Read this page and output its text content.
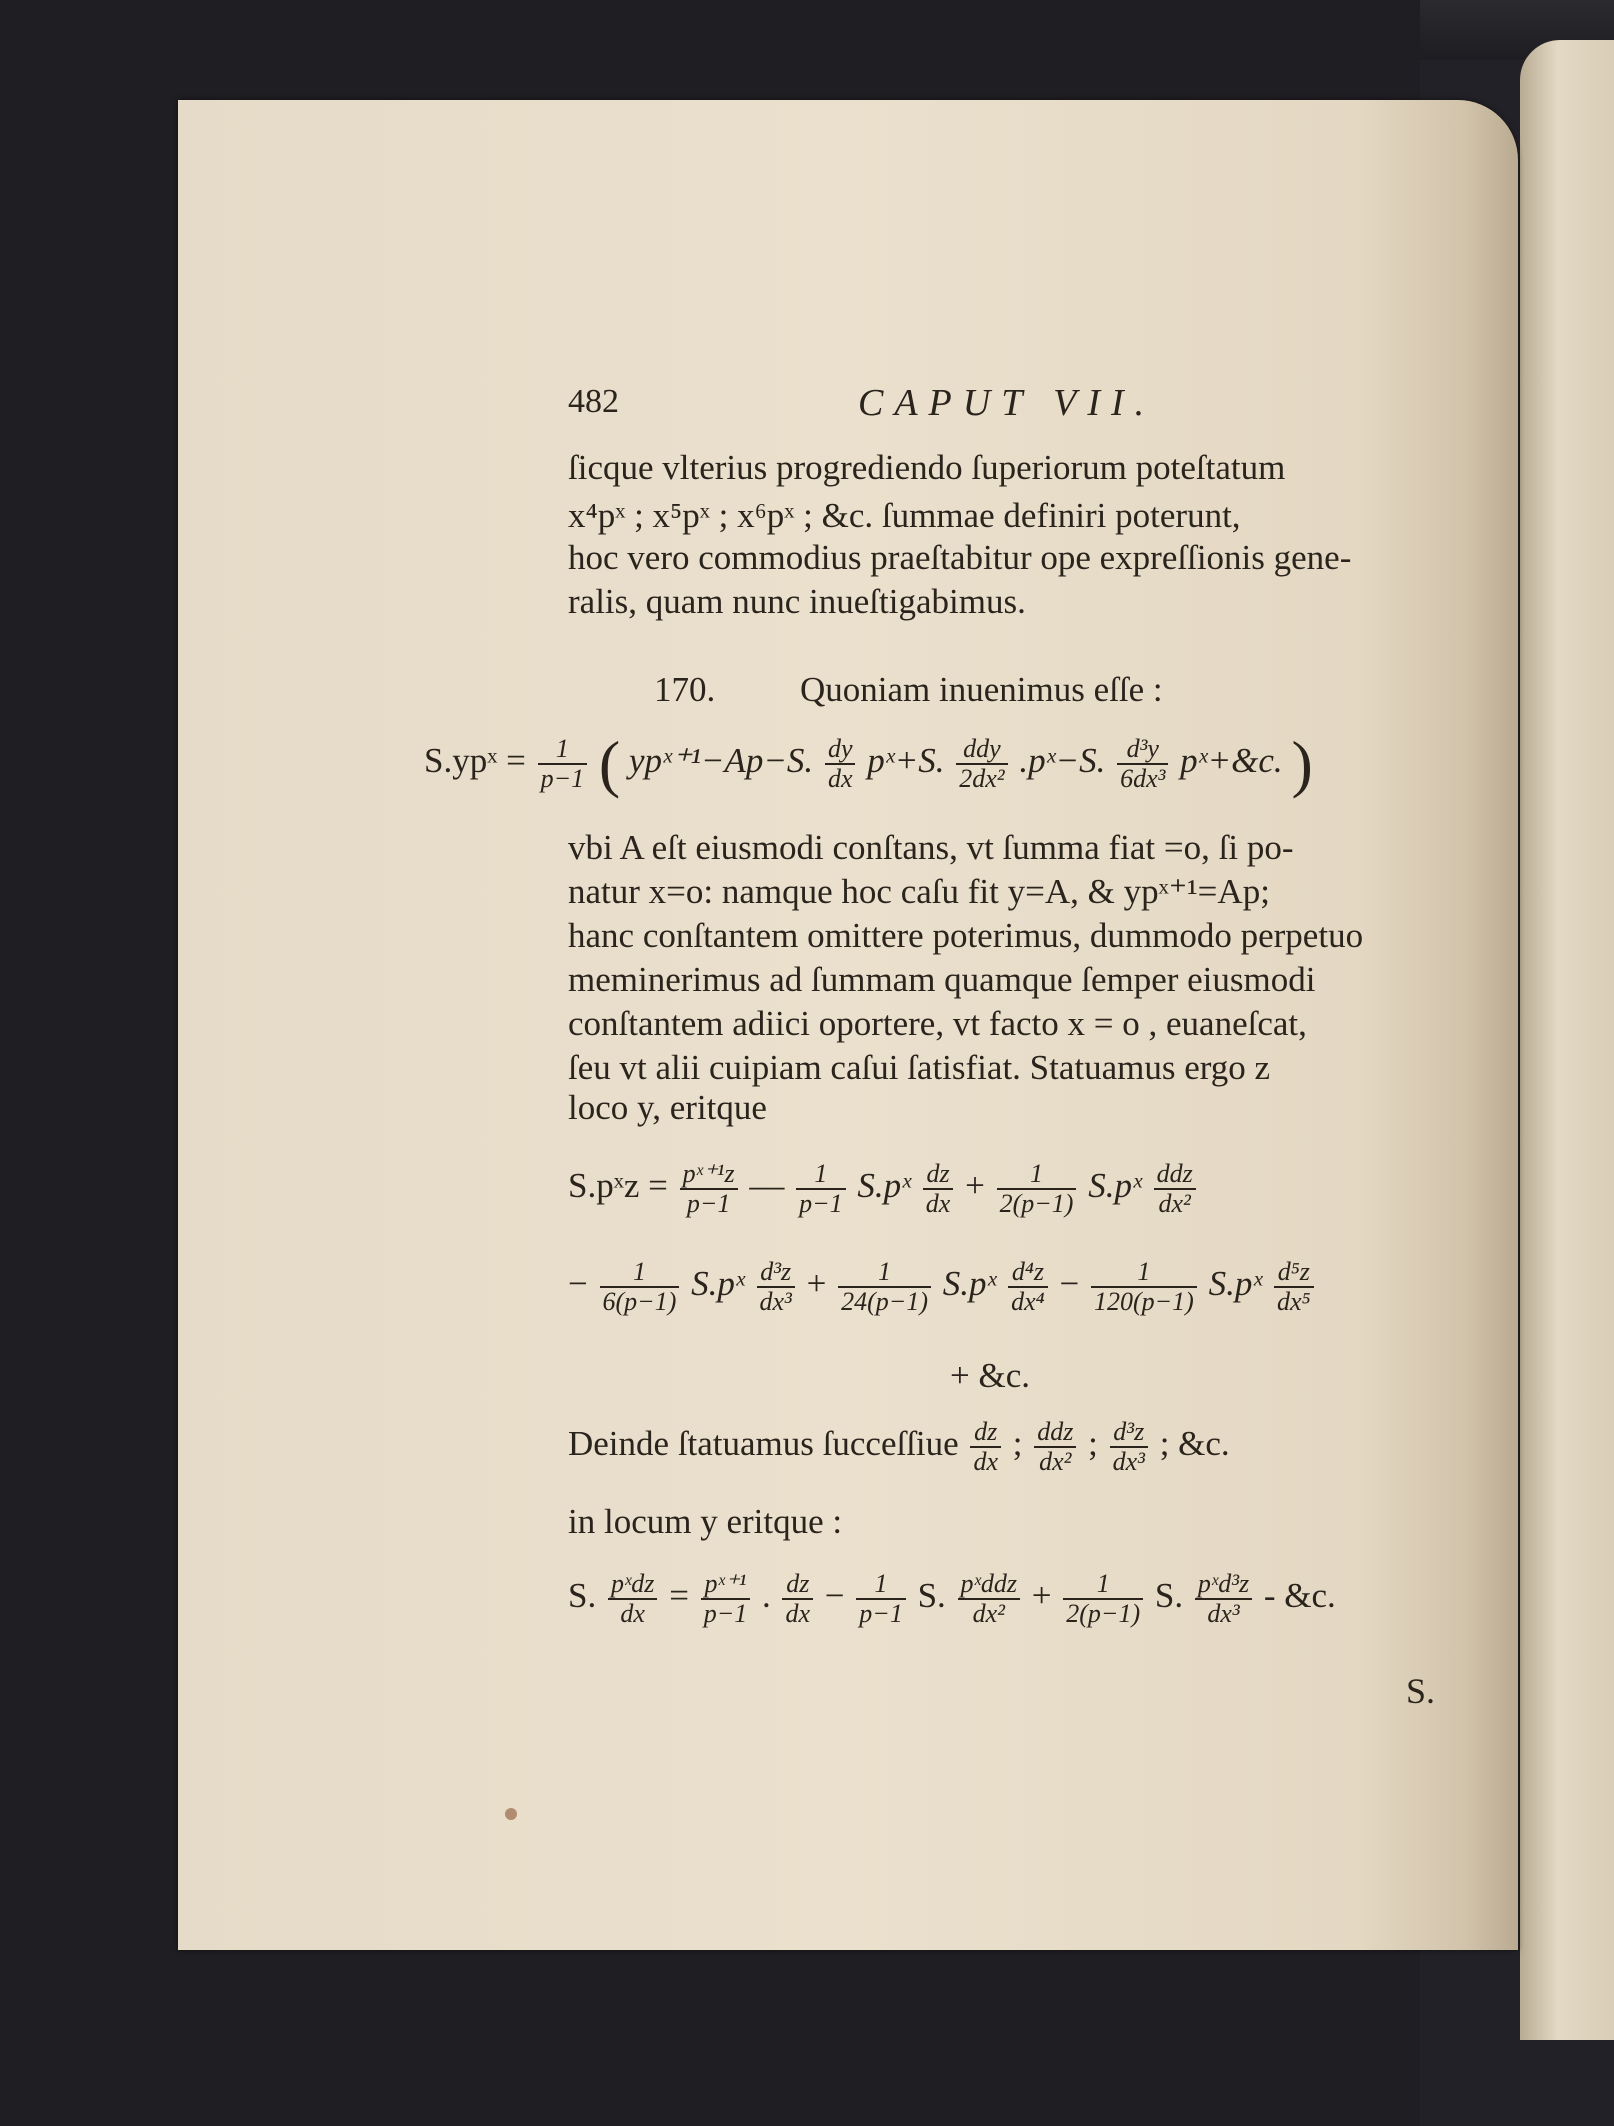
482	CAPUT VII.
ſicque vlterius progrediendo ſuperiorum poteſtatum
x⁴pˣ ; x⁵pˣ ; x⁶pˣ ; &c. ſummae definiri poterunt,
hoc vero commodius praeſtabitur ope expreſſionis gene-
ralis, quam nunc inueſtigabimus.
170. Quoniam inuenimus eſſe :
S.ypˣ = $\frac{1}{p-1}$ ( ypˣ⁺¹−Ap−S. $\frac{dy}{dx}$ pˣ+S. $\frac{\text{ddy}}{\text{2dx²}}$ .pˣ−S. $\frac{\text{d³y}}{\text{6dx³}}$ pˣ+&c. )
vbi A eſt eiusmodi conſtans, vt ſumma fiat =o, ſi po-
natur x=o: namque hoc caſu fit y=A, & ypˣ⁺¹=Ap;
hanc conſtantem omittere poterimus, dummodo perpetuo
meminerimus ad ſummam quamque ſemper eiusmodi
conſtantem adiici oportere, vt facto x = o , euaneſcat,
ſeu vt alii cuipiam caſui ſatisfiat. Statuamus ergo z
loco y, eritque
S.pˣz = $\frac{\text{pˣ⁺¹z}}{p-1}$ — $\frac{1}{p-1}$ S.pˣ $\frac{dz}{dx} + \frac{1}{2(p-1)}$ S.pˣ $\frac{\text{ddz}}{\text{dx²}}$
− $\frac{1}{6(p-1)}$ S.pˣ $\frac{\text{d³z}}{\text{dx³}} + \frac{1}{24(p-1)}$ S.pˣ $\frac{\text{d⁴z}}{\text{dx⁴}} - \frac{1}{120(p-1)}$ S.pˣ $\frac{\text{d⁵z}}{\text{dx⁵}}$
+ &c.
Deinde ſtatuamus ſucceſſiue $\frac{dz}{dx}$ ; $\frac{\text{ddz}}{\text{dx²}}$ ; $\frac{\text{d³z}}{\text{dx³}}$ ; &c.
in locum y eritque :
S. $\frac{\text{pˣdz}}{dx} = \frac{\text{pˣ⁺¹}}{p-1}$ . $\frac{dz}{dx} - \frac{1}{p-1} S$. $\frac{\text{pˣddz}}{\text{dx²}} + \frac{1}{2(p-1)} S$. $\frac{\text{pˣd³z}}{\text{dx³}}$ - &c.
S.
